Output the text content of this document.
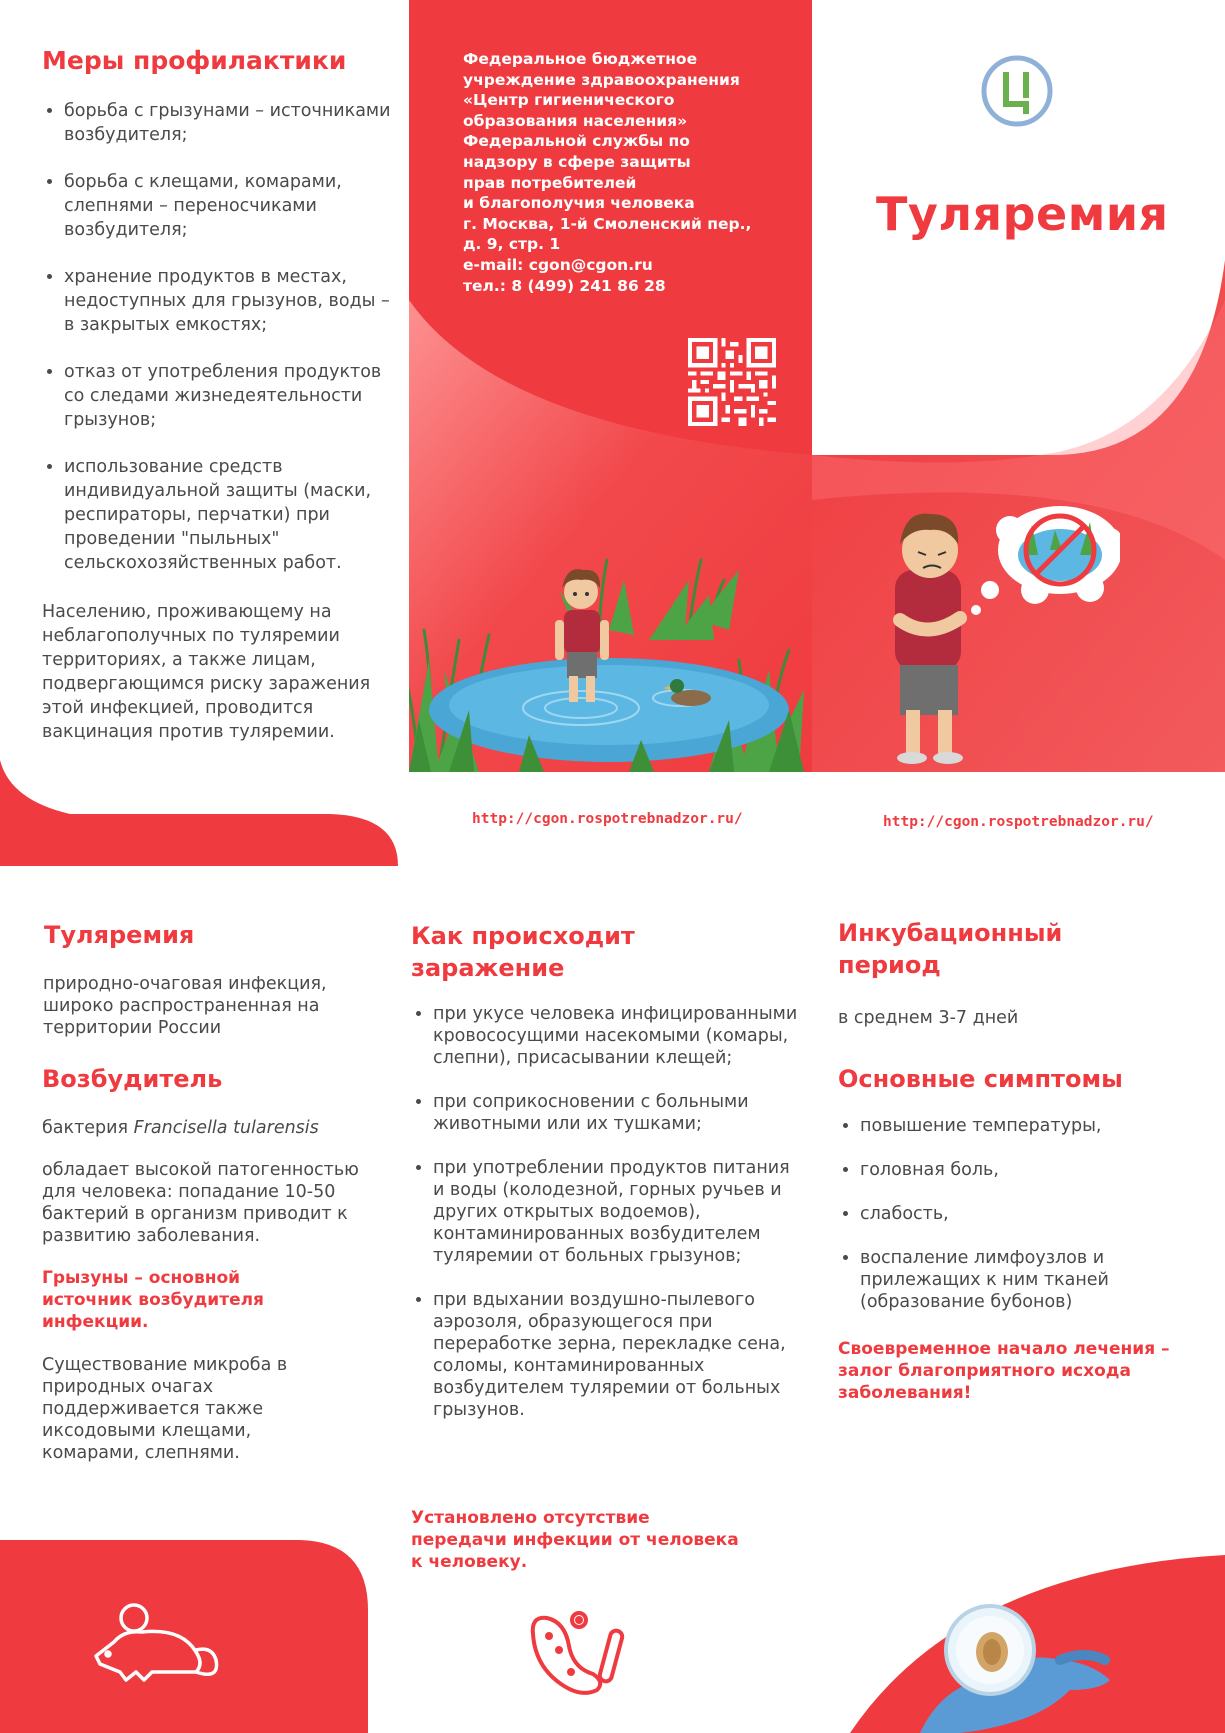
Меры профилактики
• борьба с грызунами – источниками возбудителя;
• борьба с клещами, комарами, слепнями – переносчиками возбудителя;
• хранение продуктов в местах, недоступных для грызунов, воды – в закрытых емкостях;
• отказ от употребления продуктов со следами жизнедеятельности грызунов;
• использование средств индивидуальной защиты (маски, респираторы, перчатки) при проведении "пыльных" сельскохозяйственных работ.

Населению, проживающему на неблагополучных по туляремии территориях, а также лицам, подвергающимся риску заражения этой инфекцией, проводится вакцинация против туляремии.

Федеральное бюджетное
учреждение здравоохранения
«Центр гигиенического
образования населения»
Федеральной службы по
надзору в сфере защиты
прав потребителей
и благополучия человека
г. Москва, 1-й Смоленский пер.,
д. 9, стр. 1
e-mail: cgon@cgon.ru
тел.: 8 (499) 241 86 28
http://cgon.rospotrebnadzor.ru/
Туляремия
http://cgon.rospotrebnadzor.ru/
Туляремия

природно-очаговая инфекция, широко распространенная на территории России

Возбудитель

бактерия Francisella tularensis

обладает высокой патогенностью для человека: попадание 10-50 бактерий в организм приводит к развитию заболевания.

Грызуны – основной источник возбудителя инфекции.

Существование микроба в природных очагах поддерживается также иксодовыми клещами, комарами, слепнями.

Как происходит заражение
• при укусе человека инфицированными кровососущими насекомыми (комары, слепни), присасывании клещей;
• при соприкосновении с больными животными или их тушками;
• при употреблении продуктов питания и воды (колодезной, горных ручьев и других открытых водоемов), контаминированных возбудителем туляремии от больных грызунов;
• при вдыхании воздушно-пылевого аэрозоля, образующегося при переработке зерна, перекладке сена, соломы, контаминированных возбудителем туляремии от больных грызунов.

Установлено отсутствие передачи инфекции от человека к человеку.

Инкубационный период

в среднем 3-7 дней

Основные симптомы
• повышение температуры,
• головная боль,
• слабость,
• воспаление лимфоузлов и прилежащих к ним тканей (образование бубонов)

Своевременное начало лечения – залог благоприятного исхода заболевания!
